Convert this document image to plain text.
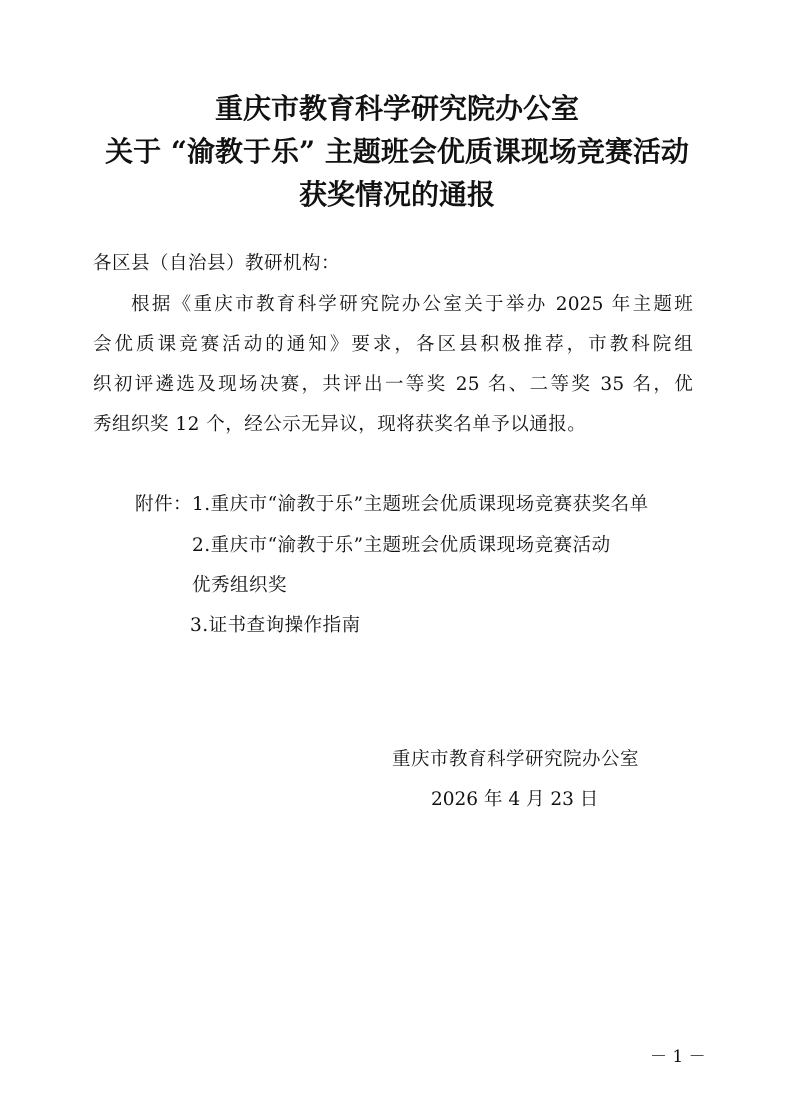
重庆市教育科学研究院办公室
关于 “渝教于乐” 主题班会优质课现场竞赛活动
获奖情况的通报
各区县（自治县）教研机构：
根据《重庆市教育科学研究院办公室关于举办 2025 年主题班
会优质课竞赛活动的通知》要求，各区县积极推荐，市教科院组
织初评遴选及现场决赛，共评出一等奖 25 名、二等奖 35 名，优
秀组织奖 12 个，经公示无异议，现将获奖名单予以通报。
附件： 1.重庆市“渝教于乐”主题班会优质课现场竞赛获奖名单
2.重庆市“渝教于乐”主题班会优质课现场竞赛活动
优秀组织奖
3.证书查询操作指南
重庆市教育科学研究院办公室
2026 年 4 月 23 日
－ 1 －
